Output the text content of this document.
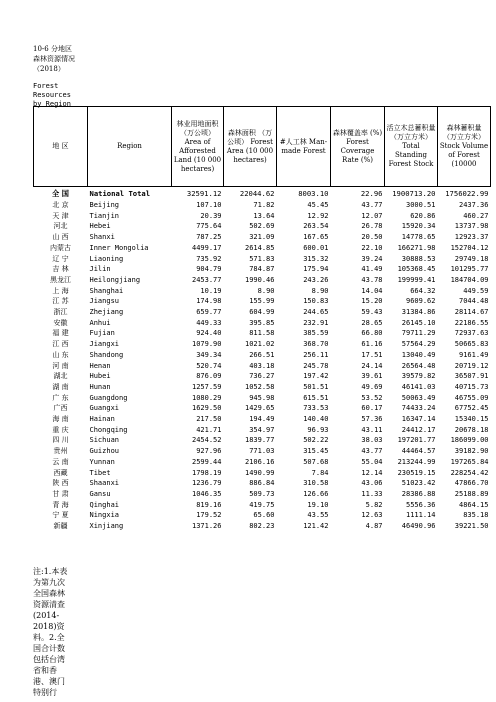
10-6 分地区森林资源情况（2018）
Forest Resources by Region
地 区	Region	林业用地面积 （万公顷） Area of Afforested Land (10 000 hectares)	森林面积 （万公顷） Forest Area (10 000 hectares)	#人工林 Man-made Forest	森林覆盖率 (%) Forest Coverage Rate (%)	活立木总蓄积量 （万立方米） Total Standing Forest Stock	森林蓄积量 （万立方米） Stock Volume of Forest (10000
全 国	National Total	32591.12	22044.62	8003.10	22.96	1900713.20	1756022.99
北 京	Beijing	107.10	71.82	45.45	43.77	3000.51	2437.36
天 津	Tianjin	20.39	13.64	12.92	12.07	620.86	460.27
河北	Hebei	775.64	502.69	263.54	26.78	15920.34	13737.98
山 西	Shanxi	787.25	321.09	167.65	20.50	14778.65	12923.37
内蒙古	Inner Mongolia	4499.17	2614.85	600.01	22.10	166271.98	152704.12
辽 宁	Liaoning	735.92	571.83	315.32	39.24	30888.53	29749.18
吉 林	Jilin	904.79	784.87	175.94	41.49	105368.45	101295.77
黑龙江	Heilongjiang	2453.77	1990.46	243.26	43.78	199999.41	184704.09
上 海	Shanghai	10.19	8.90	8.90	14.04	664.32	449.59
江 苏	Jiangsu	174.98	155.99	150.83	15.20	9609.62	7044.48
浙江	Zhejiang	659.77	604.99	244.65	59.43	31384.86	28114.67
安徽	Anhui	449.33	395.85	232.91	28.65	26145.10	22186.55
福 建	Fujian	924.40	811.58	385.59	66.80	79711.29	72937.63
江 西	Jiangxi	1079.90	1021.02	368.70	61.16	57564.29	50665.83
山 东	Shandong	349.34	266.51	256.11	17.51	13040.49	9161.49
河 南	Henan	520.74	403.18	245.78	24.14	26564.48	20719.12
湖北	Hubei	876.09	736.27	197.42	39.61	39579.82	36507.91
湖 南	Hunan	1257.59	1052.58	501.51	49.69	46141.03	40715.73
广 东	Guangdong	1080.29	945.98	615.51	53.52	50063.49	46755.09
广西	Guangxi	1629.50	1429.65	733.53	60.17	74433.24	67752.45
海 南	Hainan	217.50	194.49	140.40	57.36	16347.14	15340.15
重 庆	Chongqing	421.71	354.97	96.93	43.11	24412.17	20678.18
四 川	Sichuan	2454.52	1839.77	502.22	38.03	197201.77	186099.00
贵州	Guizhou	927.96	771.03	315.45	43.77	44464.57	39182.90
云 南	Yunnan	2599.44	2106.16	507.68	55.04	213244.99	197265.84
西藏	Tibet	1798.19	1490.99	7.84	12.14	230519.15	228254.42
陕 西	Shaanxi	1236.79	886.84	310.58	43.06	51023.42	47866.70
甘 肃	Gansu	1046.35	509.73	126.66	11.33	28386.88	25188.89
青 海	Qinghai	819.16	419.75	19.10	5.82	5556.36	4864.15
宁 夏	Ningxia	179.52	65.60	43.55	12.63	1111.14	835.18
新疆	Xinjiang	1371.26	802.23	121.42	4.87	46490.96	39221.50
注:1.本表为第九次全国森林资源清查(2014-2018)资料。2.全国合计数包括台湾省和香港、澳门特别行
